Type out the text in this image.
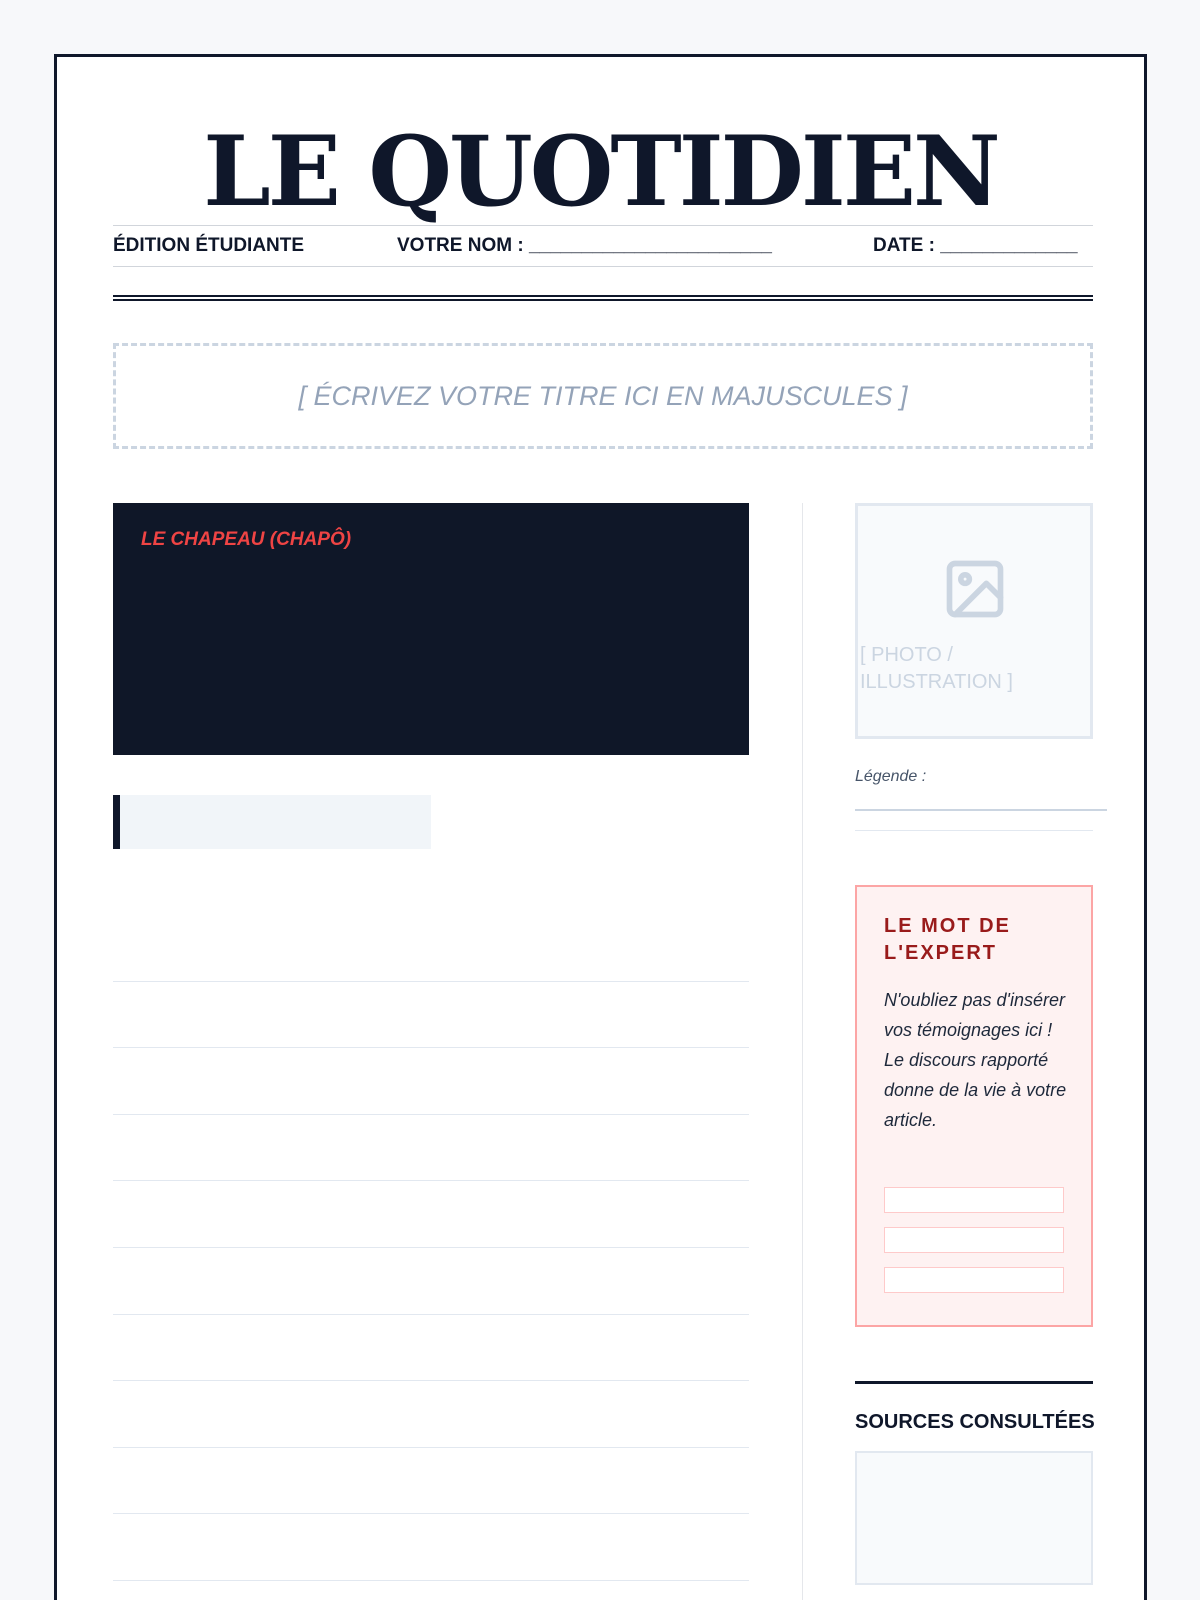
LE QUOTIDIEN
ÉDITION ÉTUDIANTE	VOTRE NOM : _______________________	DATE : _____________
[ ÉCRIVEZ VOTRE TITRE ICI EN MAJUSCULES ]
LE CHAPEAU (CHAPÔ)
[ PHOTO / ILLUSTRATION ]
Légende :
LE MOT DE L'EXPERT
N'oubliez pas d'insérer vos témoignages ici ! Le discours rapporté donne de la vie à votre article.
SOURCES CONSULTÉES
